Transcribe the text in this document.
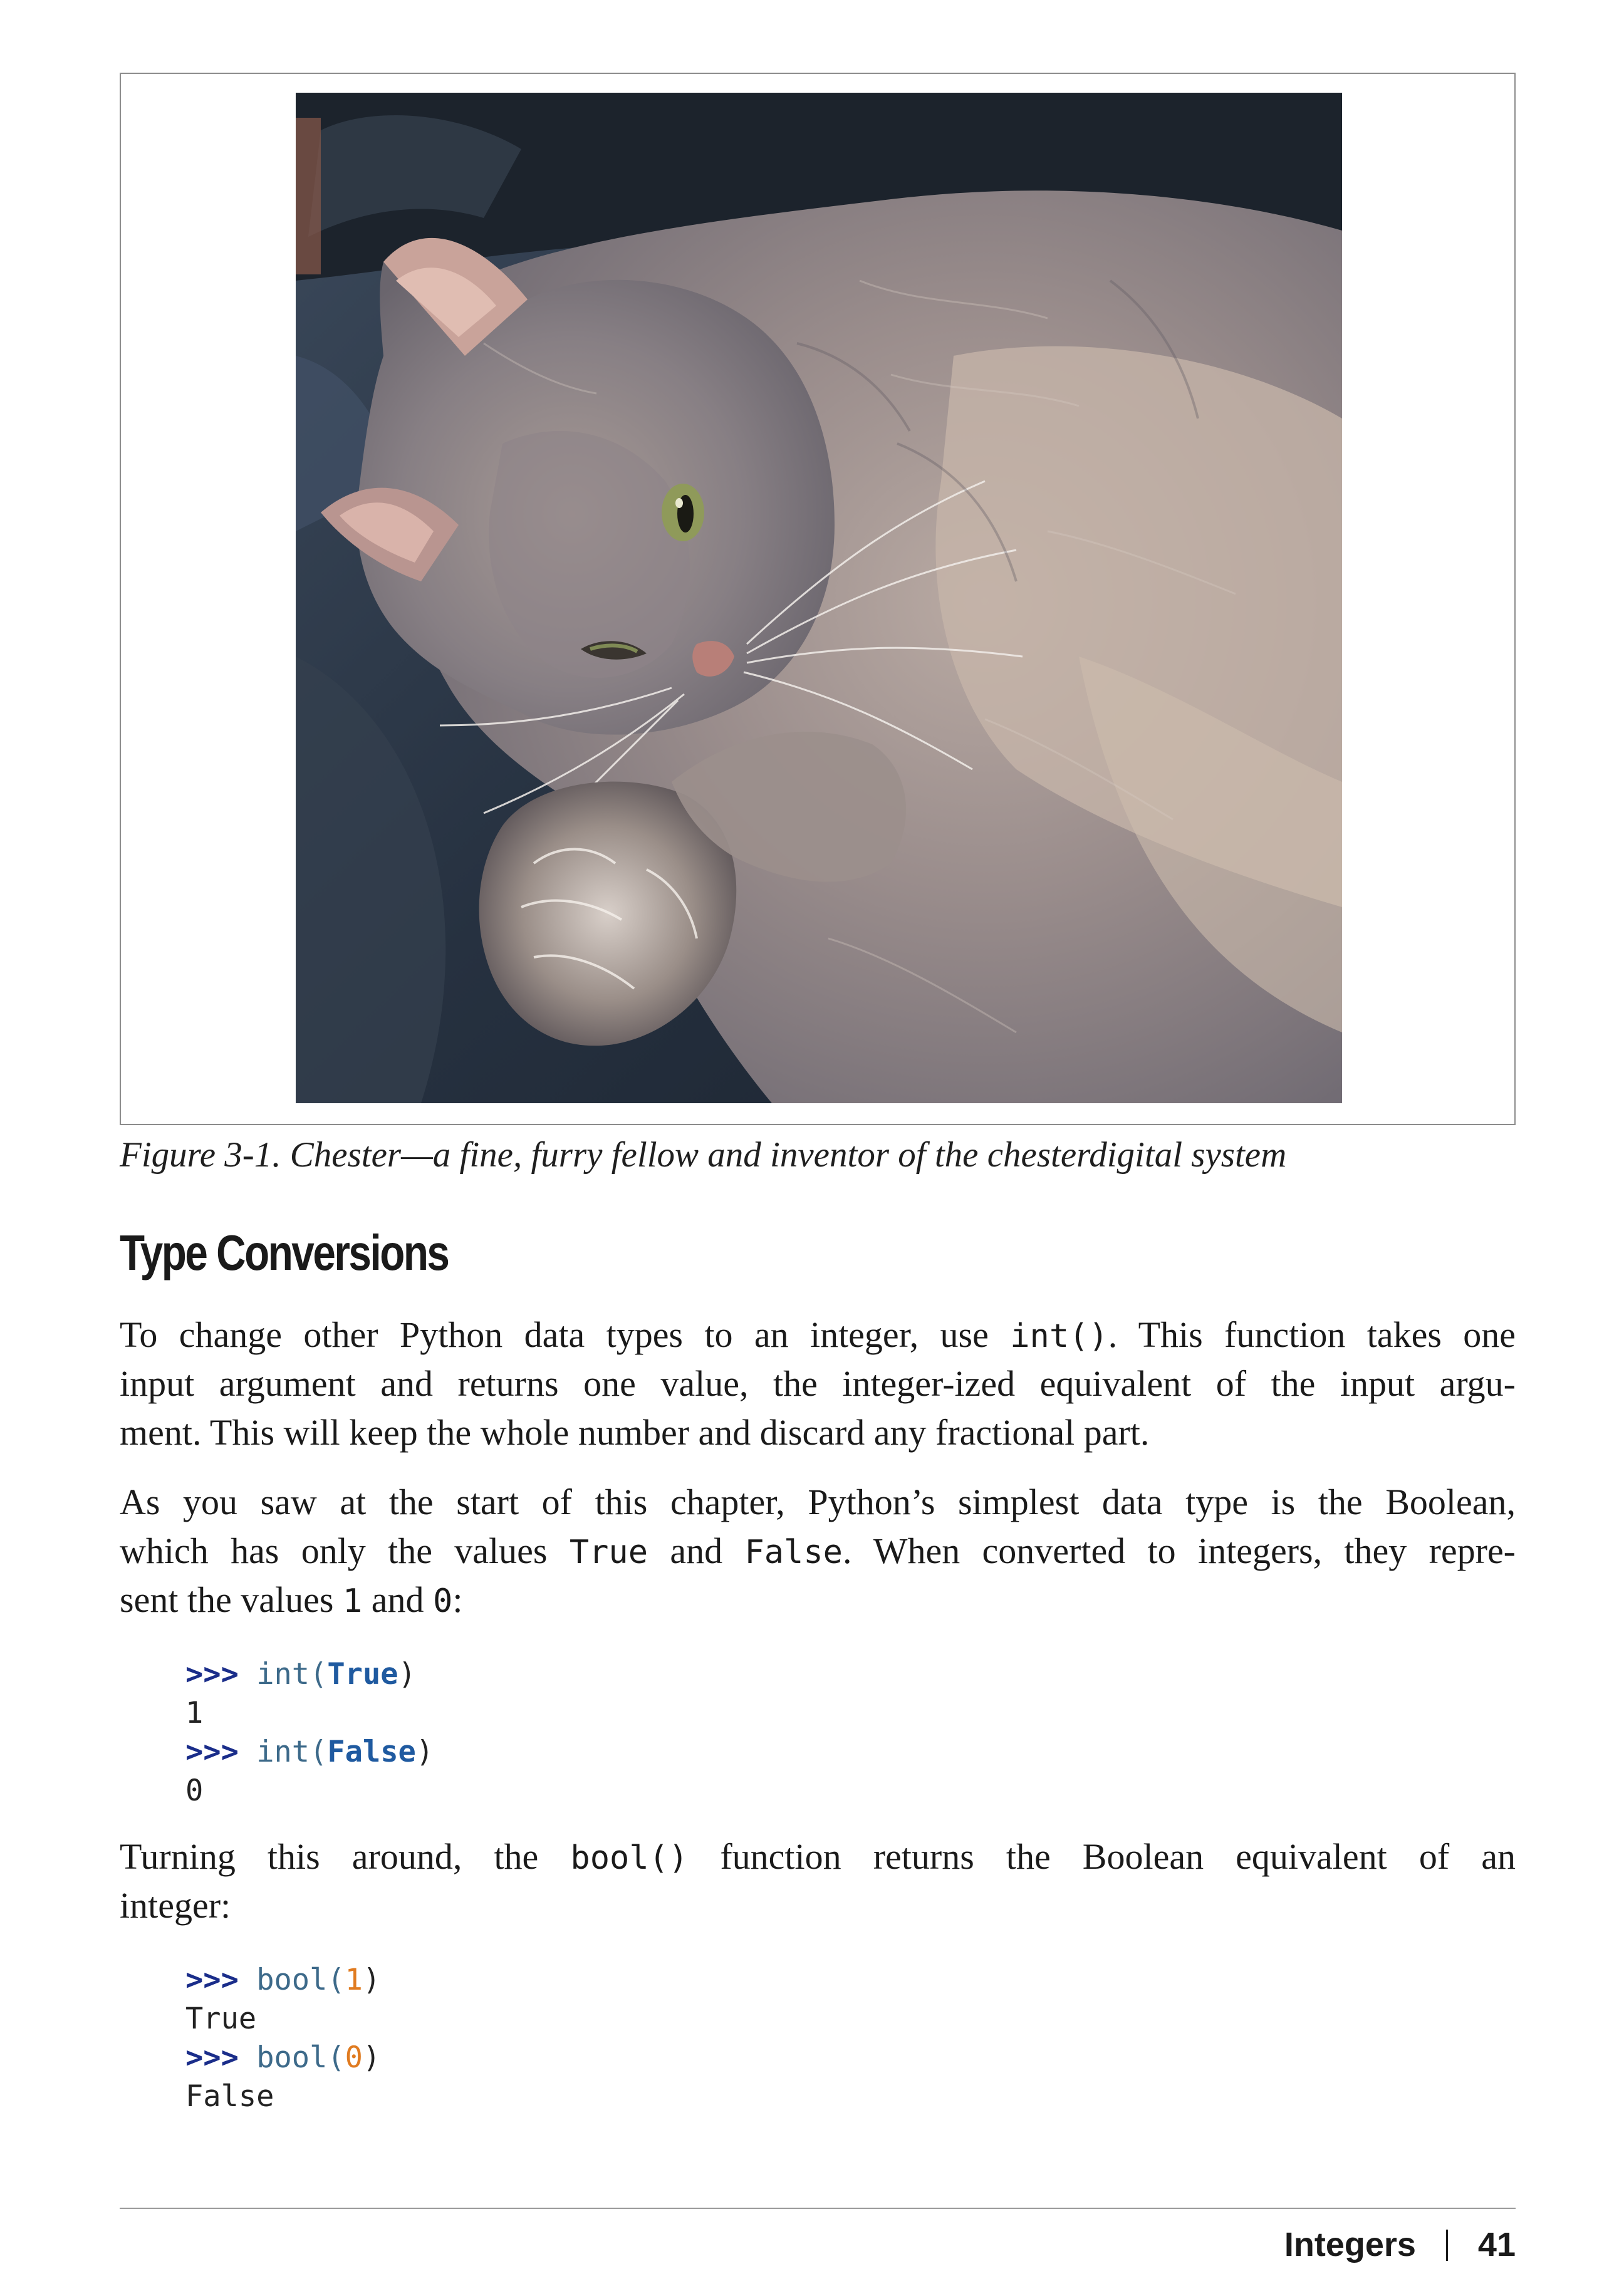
Figure 3-1. Chester—a fine, furry fellow and inventor of the chesterdigital system
Type Conversions
To change other Python data types to an integer, use int(). This function takes one
input argument and returns one value, the integer-ized equivalent of the input argu-
ment. This will keep the whole number and discard any fractional part.
As you saw at the start of this chapter, Python’s simplest data type is the Boolean,
which has only the values True and False. When converted to integers, they repre-
sent the values 1 and 0:
>>> int(True)
1
>>> int(False)
0
Turning this around, the bool() function returns the Boolean equivalent of an
integer:
>>> bool(1)
True
>>> bool(0)
False
Integers 41
